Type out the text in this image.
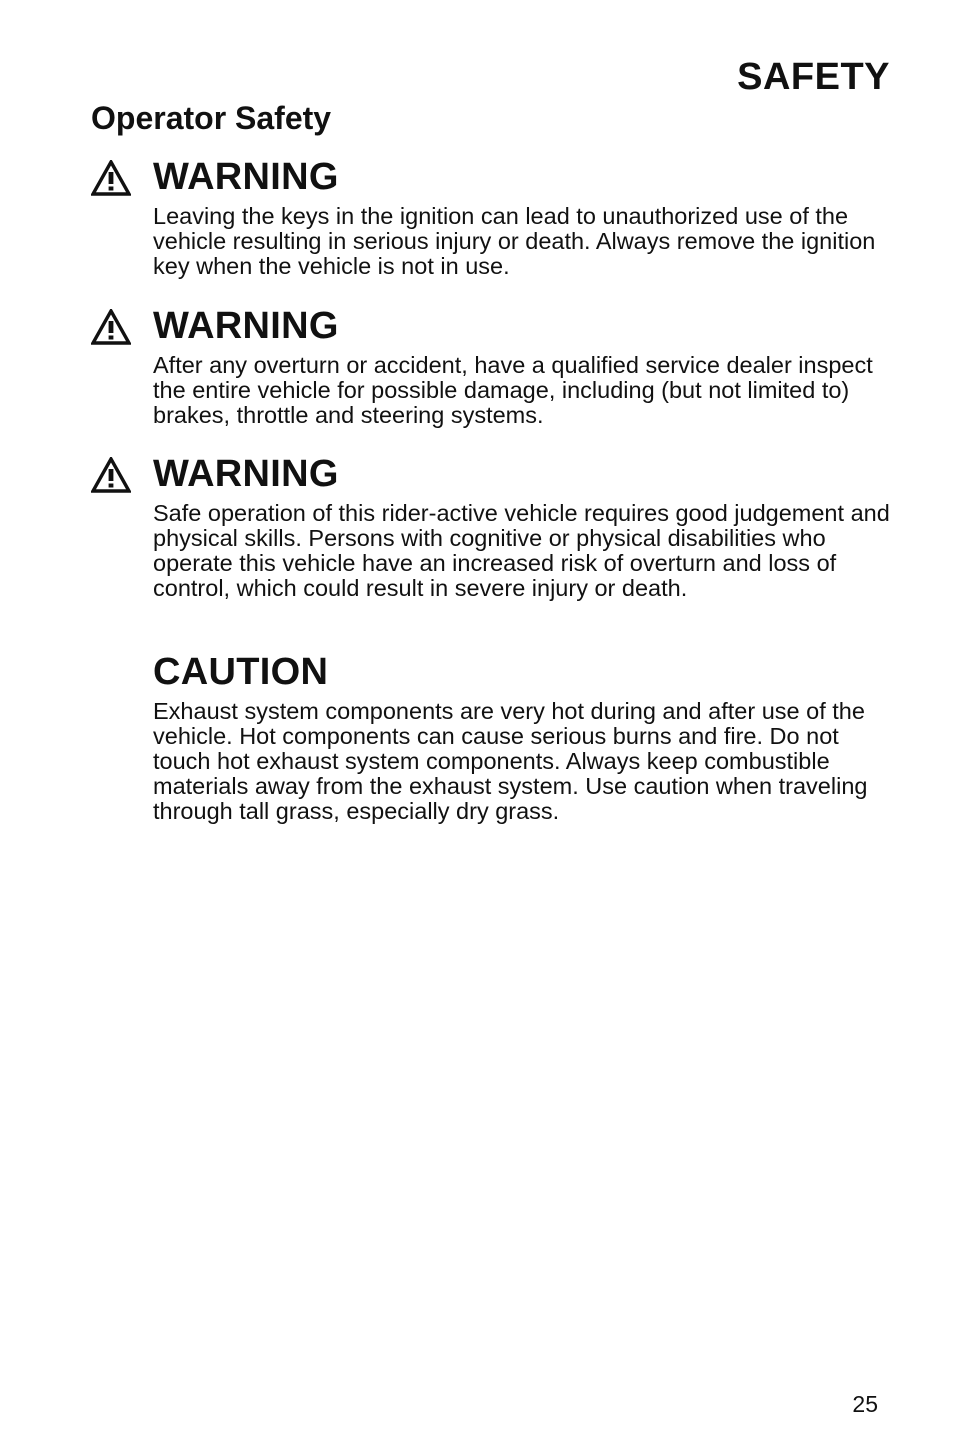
SAFETY
Operator Safety
WARNING

Leaving the keys in the ignition can lead to unauthorized use of the vehicle resulting in serious injury or death. Always remove the ignition key when the vehicle is not in use.

WARNING

After any overturn or accident, have a qualified service dealer inspect the entire vehicle for possible damage, including (but not limited to) brakes, throttle and steering systems.

WARNING

Safe operation of this rider-active vehicle requires good judgement and physical skills. Persons with cognitive or physical disabilities who operate this vehicle have an increased risk of overturn and loss of control, which could result in severe injury or death.

CAUTION

Exhaust system components are very hot during and after use of the vehicle. Hot components can cause serious burns and fire. Do not touch hot exhaust system components. Always keep combustible materials away from the exhaust system. Use caution when traveling through tall grass, especially dry grass.

25
